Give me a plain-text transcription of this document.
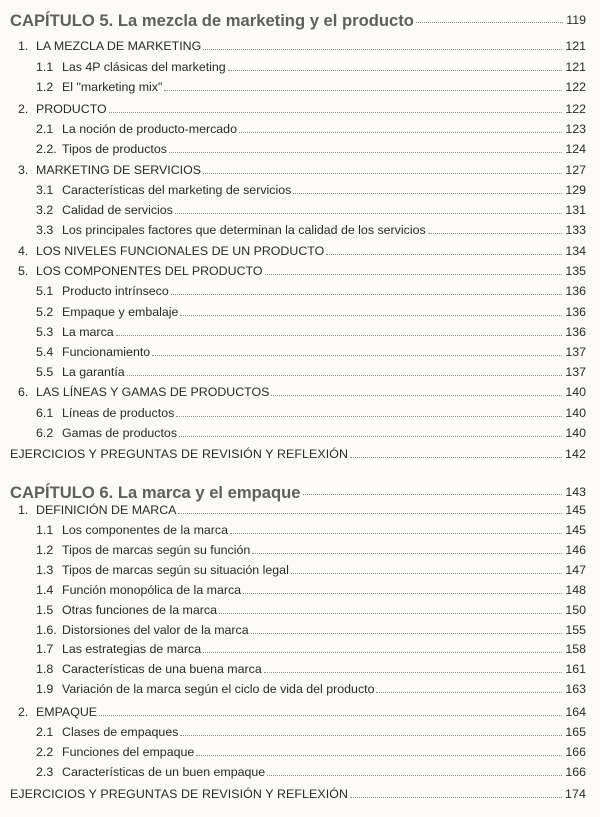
CAPÍTULO 5. La mezcla de marketing y el producto	119
1. LA MEZCLA DE MARKETING	121
1.1 Las 4P clásicas del marketing	121
1.2 El "marketing mix"	122
2. PRODUCTO	122
2.1 La noción de producto-mercado	123
2.2. Tipos de productos	124
3. MARKETING DE SERVICIOS	127
3.1 Características del marketing de servicios	129
3.2 Calidad de servicios	131
3.3 Los principales factores que determinan la calidad de los servicios	133
4. LOS NIVELES FUNCIONALES DE UN PRODUCTO	134
5. LOS COMPONENTES DEL PRODUCTO	135
5.1 Producto intrínseco	136
5.2 Empaque y embalaje	136
5.3 La marca	136
5.4 Funcionamiento	137
5.5 La garantía	137
6. LAS LÍNEAS Y GAMAS DE PRODUCTOS	140
6.1 Líneas de productos	140
6.2 Gamas de productos	140
EJERCICIOS Y PREGUNTAS DE REVISIÓN Y REFLEXIÓN	142
CAPÍTULO 6. La marca y el empaque	143
1. DEFINICIÓN DE MARCA	145
1.1 Los componentes de la marca	145
1.2 Tipos de marcas según su función	146
1.3 Tipos de marcas según su situación legal	147
1.4 Función monopólica de la marca	148
1.5 Otras funciones de la marca	150
1.6. Distorsiones del valor de la marca	155
1.7 Las estrategias de marca	158
1.8 Características de una buena marca	161
1.9 Variación de la marca según el ciclo de vida del producto	163
2. EMPAQUE	164
2.1 Clases de empaques	165
2.2 Funciones del empaque	166
2.3 Características de un buen empaque	166
EJERCICIOS Y PREGUNTAS DE REVISIÓN Y REFLEXIÓN	174
